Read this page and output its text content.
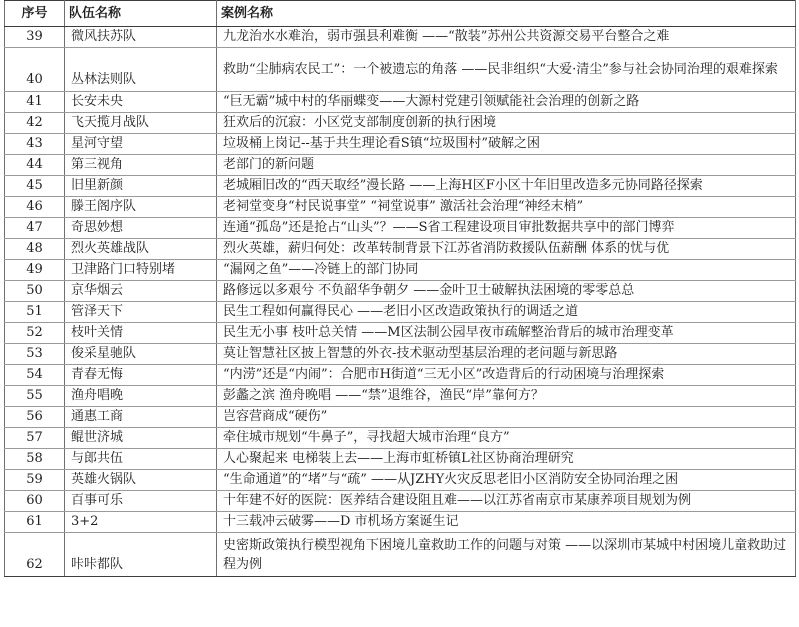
序号	队伍名称	案例名称
39	微风扶苏队	九龙治水水难治，弱市强县利难衡 ——“散装”苏州公共资源交易平台整合之难
40	丛林法则队	救助“尘肺病农民工”：一个被遗忘的角落 ——民非组织“大爱·清尘”参与社会协同治理的艰难探索
41	长安未央	“巨无霸”城中村的华丽蝶变——大源村党建引领赋能社会治理的创新之路
42	飞天揽月战队	狂欢后的沉寂：小区党支部制度创新的执行困境
43	星河守望	垃圾桶上岗记--基于共生理论看S镇“垃圾围村”破解之困
44	第三视角	老部门的新问题
45	旧里新颜	老城厢旧改的“西天取经”漫长路 ——上海H区F小区十年旧里改造多元协同路径探索
46	滕王阁序队	老祠堂变身“村民说事堂” “祠堂说事” 激活社会治理“神经末梢”
47	奇思妙想	连通“孤岛”还是抢占“山头”？——S省工程建设项目审批数据共享中的部门博弈
48	烈火英雄战队	烈火英雄，薪归何处：改革转制背景下江苏省消防救援队伍薪酬 体系的忧与优
49	卫津路门口特别堵	“漏网之鱼”——冷链上的部门协同
50	京华烟云	路修远以多艰兮 不负韶华争朝夕 ——金叶卫士破解执法困境的零零总总
51	管泽天下	民生工程如何赢得民心 ——老旧小区改造政策执行的调适之道
52	枝叶关情	民生无小事 枝叶总关情 ——M区法制公园早夜市疏解整治背后的城市治理变革
53	俊采星驰队	莫让智慧社区披上智慧的外衣-技术驱动型基层治理的老问题与新思路
54	青春无悔	“内涝”还是“内闹”：合肥市H街道“三无小区”改造背后的行动困境与治理探索
55	渔舟唱晚	彭蠡之滨 渔舟晚唱 ——“禁”退维谷，渔民“岸”靠何方？
56	通惠工商	岂容营商成“硬伤”
57	鲲世济城	牵住城市规划“牛鼻子”，寻找超大城市治理“良方”
58	与郎共伍	人心聚起来 电梯装上去——上海市虹桥镇L社区协商治理研究
59	英雄火锅队	“生命通道”的“堵”与“疏” ——从JZHY火灾反思老旧小区消防安全协同治理之困
60	百事可乐	十年建不好的医院：医养结合建设阻且难——以江苏省南京市某康养项目规划为例
61	3+2	十三载冲云破雾——D 市机场方案诞生记
62	咔咔都队	史密斯政策执行模型视角下困境儿童救助工作的问题与对策 ——以深圳市某城中村困境儿童救助过程为例
